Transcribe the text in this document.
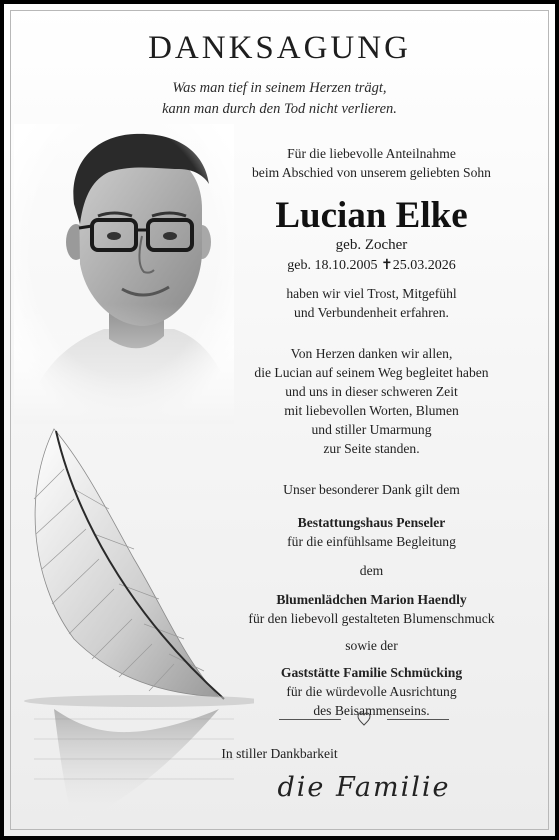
DANKSAGUNG
Was man tief in seinem Herzen trägt,
kann man durch den Tod nicht verlieren.
Für die liebevolle Anteilnahme
beim Abschied von unserem geliebten Sohn
Lucian Elke
geb. Zocher
geb. 18.10.2005 ✝25.03.2026
haben wir viel Trost, Mitgefühl
und Verbundenheit erfahren.
Von Herzen danken wir allen,
die Lucian auf seinem Weg begleitet haben
und uns in dieser schweren Zeit
mit liebevollen Worten, Blumen
und stiller Umarmung
zur Seite standen.
Unser besonderer Dank gilt dem
Bestattungshaus Penseler
für die einfühlsame Begleitung
dem
Blumenlädchen Marion Haendly
für den liebevoll gestalteten Blumenschmuck
sowie der
Gaststätte Familie Schmücking
für die würdevolle Ausrichtung
des Beisammenseins.
In stiller Dankbarkeit
die Familie
